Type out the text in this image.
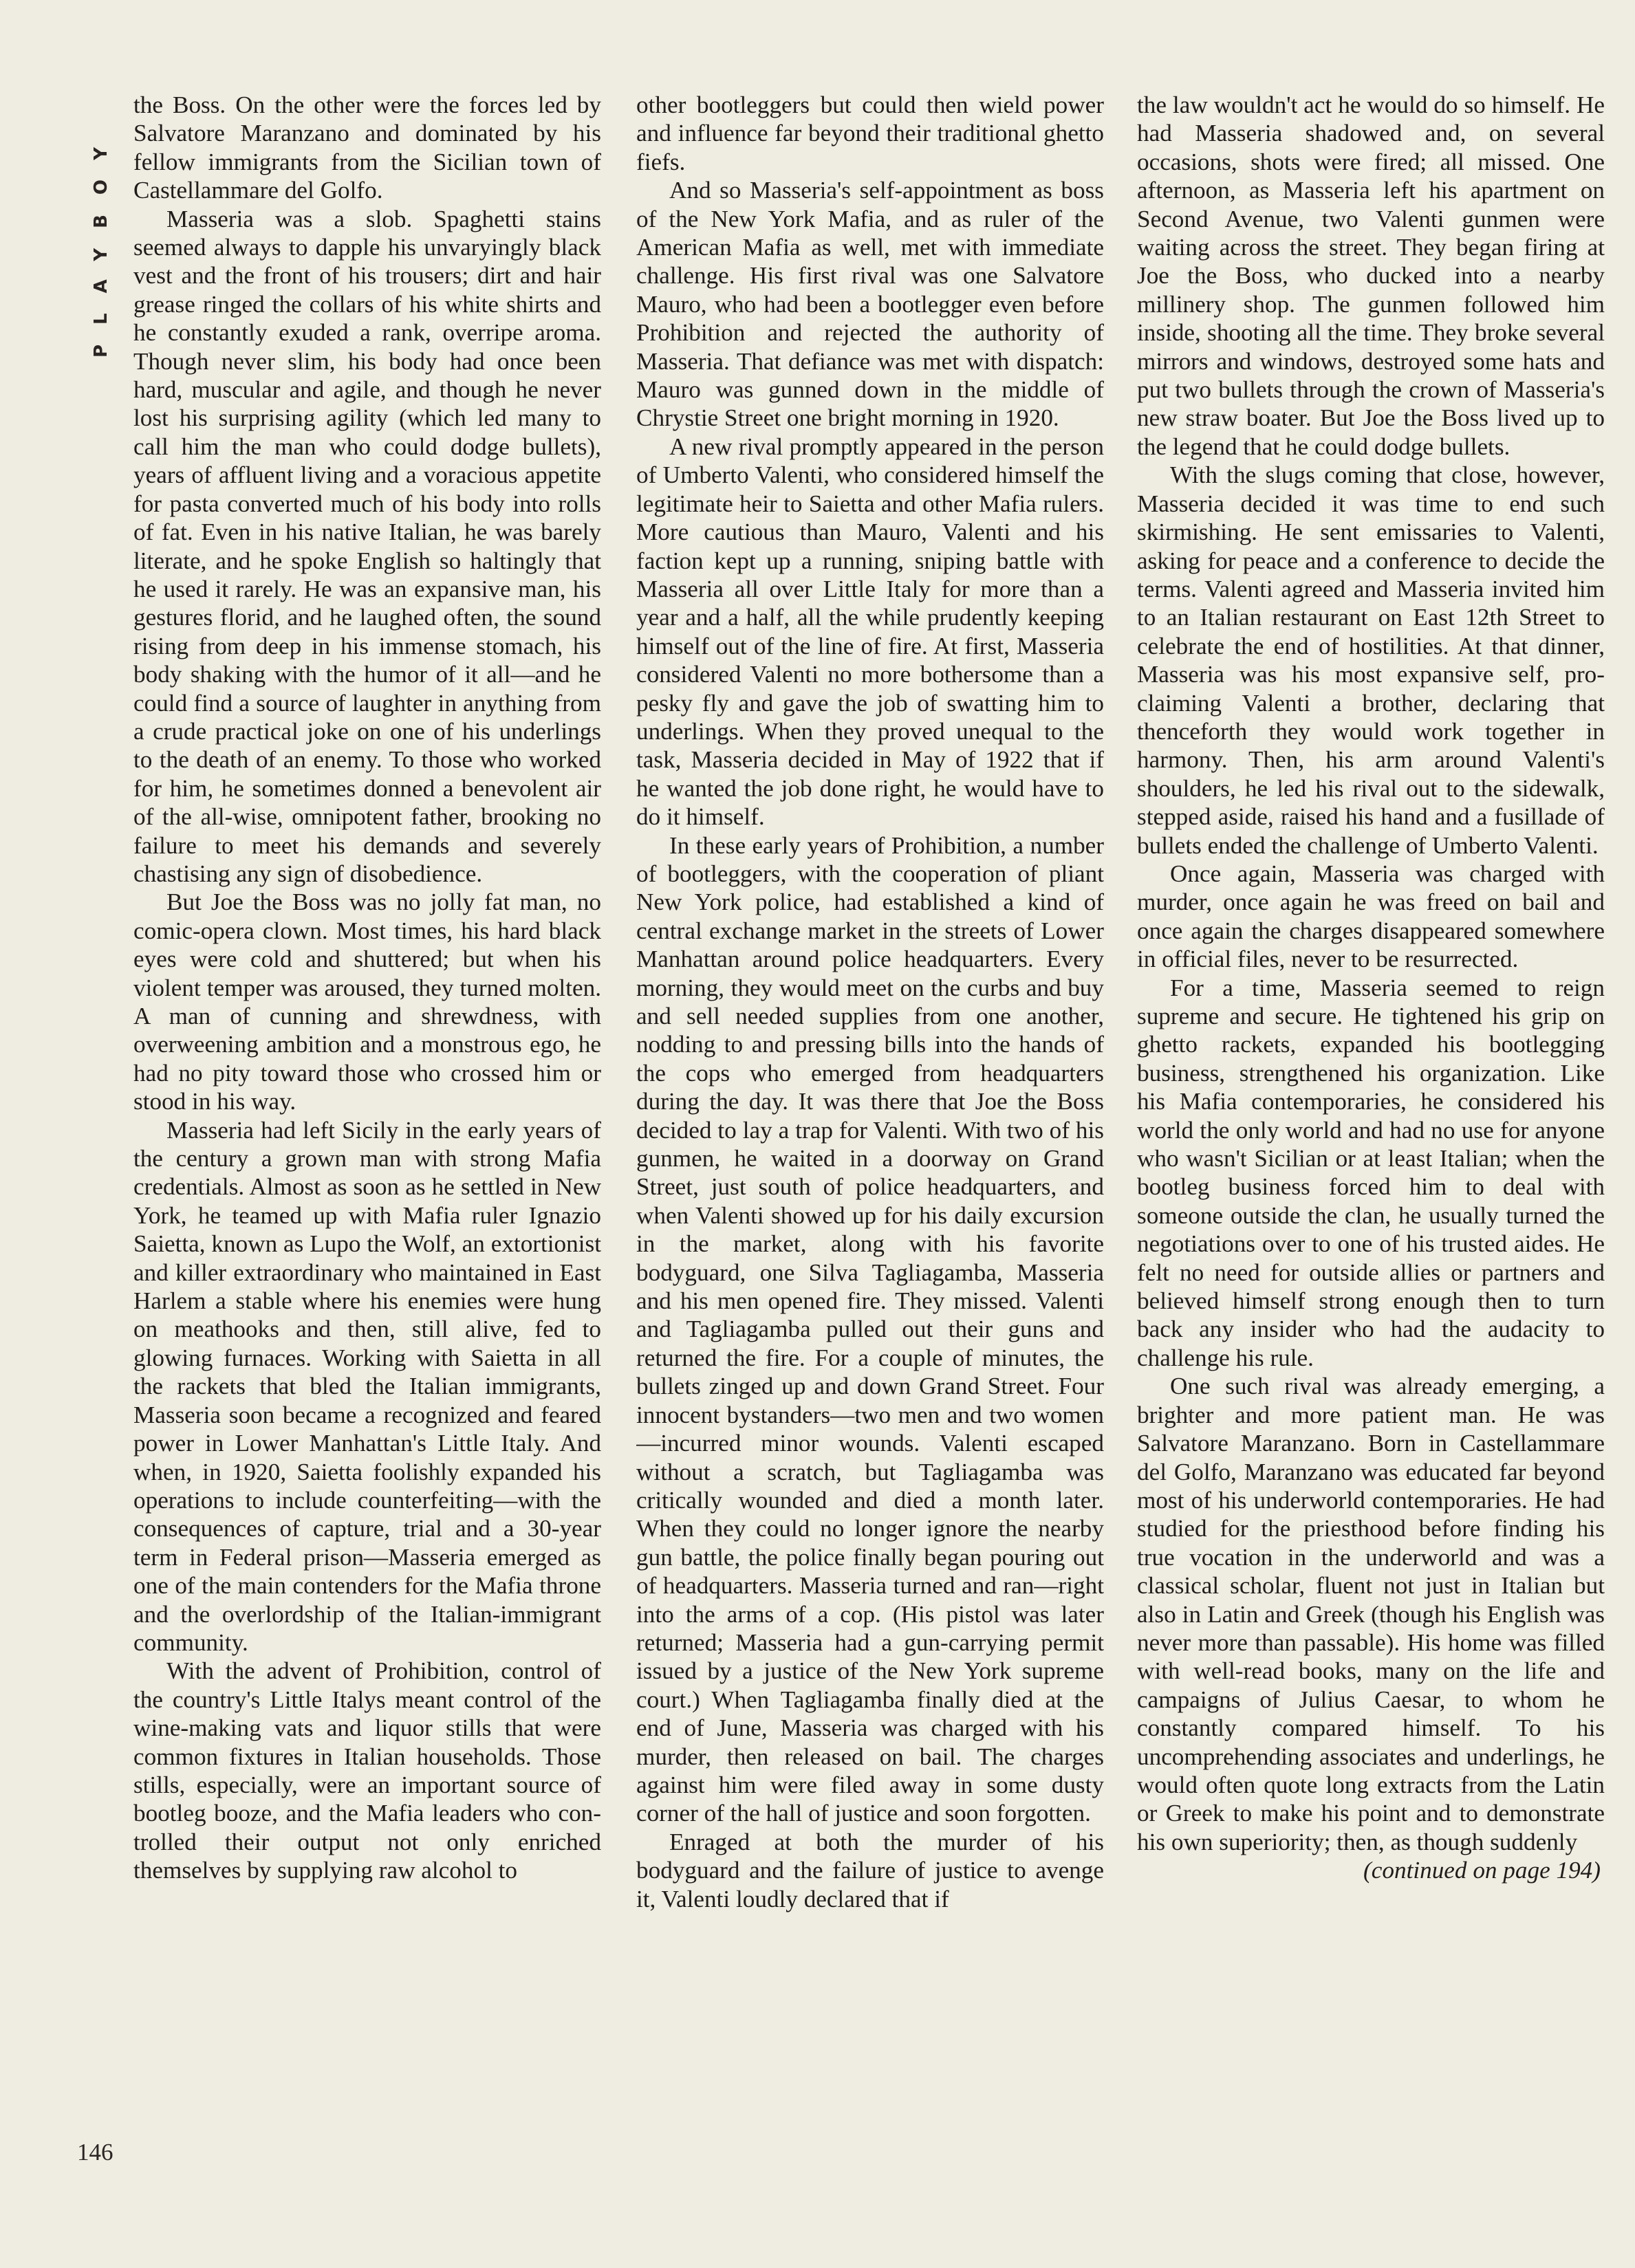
PLAYBOY

the Boss. On the other were the forces led by Salvatore Maranzano and dominated by his fellow immigrants from the Sicilian town of Castellammare del Golfo.

Masseria was a slob. Spaghetti stains seemed always to dapple his unvaryingly black vest and the front of his trousers; dirt and hair grease ringed the collars of his white shirts and he constantly exuded a rank, overripe aroma. Though never slim, his body had once been hard, muscular and agile, and though he never lost his surprising agility (which led many to call him the man who could dodge bullets), years of affluent living and a voracious appetite for pasta converted much of his body into rolls of fat. Even in his native Italian, he was barely literate, and he spoke English so haltingly that he used it rarely. He was an expansive man, his gestures florid, and he laughed often, the sound rising from deep in his immense stomach, his body shaking with the humor of it all—and he could find a source of laughter in anything from a crude practical joke on one of his underlings to the death of an enemy. To those who worked for him, he sometimes donned a benevolent air of the all-wise, omnipotent father, brooking no failure to meet his demands and severely chastising any sign of disobedience.

But Joe the Boss was no jolly fat man, no comic-opera clown. Most times, his hard black eyes were cold and shuttered; but when his violent temper was aroused, they turned molten. A man of cunning and shrewdness, with overweening ambition and a monstrous ego, he had no pity toward those who crossed him or stood in his way.

Masseria had left Sicily in the early years of the century a grown man with strong Mafia credentials. Almost as soon as he settled in New York, he teamed up with Mafia ruler Ignazio Saietta, known as Lupo the Wolf, an extortionist and killer extraordinary who maintained in East Harlem a stable where his enemies were hung on meathooks and then, still alive, fed to glowing furnaces. Working with Saietta in all the rackets that bled the Italian immigrants, Masseria soon became a recognized and feared power in Lower Manhattan's Little Italy. And when, in 1920, Saietta foolishly expanded his operations to include counterfeiting—with the consequences of capture, trial and a 30-year term in Federal prison—Masseria emerged as one of the main contenders for the Mafia throne and the overlordship of the Italian-immigrant community.

With the advent of Prohibition, control of the country's Little Italys meant control of the wine-making vats and liquor stills that were common fixtures in Italian households. Those stills, especially, were an important source of bootleg booze, and the Mafia leaders who controlled their output not only enriched themselves by supplying raw alcohol to

other bootleggers but could then wield power and influence far beyond their traditional ghetto fiefs.

And so Masseria's self-appointment as boss of the New York Mafia, and as ruler of the American Mafia as well, met with immediate challenge. His first rival was one Salvatore Mauro, who had been a bootlegger even before Prohibition and rejected the authority of Masseria. That defiance was met with dispatch: Mauro was gunned down in the middle of Chrystie Street one bright morning in 1920.

A new rival promptly appeared in the person of Umberto Valenti, who considered himself the legitimate heir to Saietta and other Mafia rulers. More cautious than Mauro, Valenti and his faction kept up a running, sniping battle with Masseria all over Little Italy for more than a year and a half, all the while prudently keeping himself out of the line of fire. At first, Masseria considered Valenti no more bothersome than a pesky fly and gave the job of swatting him to underlings. When they proved unequal to the task, Masseria decided in May of 1922 that if he wanted the job done right, he would have to do it himself.

In these early years of Prohibition, a number of bootleggers, with the cooperation of pliant New York police, had established a kind of central exchange market in the streets of Lower Manhattan around police headquarters. Every morning, they would meet on the curbs and buy and sell needed supplies from one another, nodding to and pressing bills into the hands of the cops who emerged from headquarters during the day. It was there that Joe the Boss decided to lay a trap for Valenti. With two of his gunmen, he waited in a doorway on Grand Street, just south of police headquarters, and when Valenti showed up for his daily excursion in the market, along with his favorite bodyguard, one Silva Tagliagamba, Masseria and his men opened fire. They missed. Valenti and Tagliagamba pulled out their guns and returned the fire. For a couple of minutes, the bullets zinged up and down Grand Street. Four innocent bystanders—two men and two women—incurred minor wounds. Valenti escaped without a scratch, but Tagliagamba was critically wounded and died a month later. When they could no longer ignore the nearby gun battle, the police finally began pouring out of headquarters. Masseria turned and ran—right into the arms of a cop. (His pistol was later returned; Masseria had a gun-carrying permit issued by a justice of the New York supreme court.) When Tagliagamba finally died at the end of June, Masseria was charged with his murder, then released on bail. The charges against him were filed away in some dusty corner of the hall of justice and soon forgotten.

Enraged at both the murder of his bodyguard and the failure of justice to avenge it, Valenti loudly declared that if

the law wouldn't act he would do so himself. He had Masseria shadowed and, on several occasions, shots were fired; all missed. One afternoon, as Masseria left his apartment on Second Avenue, two Valenti gunmen were waiting across the street. They began firing at Joe the Boss, who ducked into a nearby millinery shop. The gunmen followed him inside, shooting all the time. They broke several mirrors and windows, destroyed some hats and put two bullets through the crown of Masseria's new straw boater. But Joe the Boss lived up to the legend that he could dodge bullets.

With the slugs coming that close, however, Masseria decided it was time to end such skirmishing. He sent emissaries to Valenti, asking for peace and a conference to decide the terms. Valenti agreed and Masseria invited him to an Italian restaurant on East 12th Street to celebrate the end of hostilities. At that dinner, Masseria was his most expansive self, proclaiming Valenti a brother, declaring that thenceforth they would work together in harmony. Then, his arm around Valenti's shoulders, he led his rival out to the sidewalk, stepped aside, raised his hand and a fusillade of bullets ended the challenge of Umberto Valenti.

Once again, Masseria was charged with murder, once again he was freed on bail and once again the charges disappeared somewhere in official files, never to be resurrected.

For a time, Masseria seemed to reign supreme and secure. He tightened his grip on ghetto rackets, expanded his bootlegging business, strengthened his organization. Like his Mafia contemporaries, he considered his world the only world and had no use for anyone who wasn't Sicilian or at least Italian; when the bootleg business forced him to deal with someone outside the clan, he usually turned the negotiations over to one of his trusted aides. He felt no need for outside allies or partners and believed himself strong enough then to turn back any insider who had the audacity to challenge his rule.

One such rival was already emerging, a brighter and more patient man. He was Salvatore Maranzano. Born in Castellammare del Golfo, Maranzano was educated far beyond most of his underworld contemporaries. He had studied for the priesthood before finding his true vocation in the underworld and was a classical scholar, fluent not just in Italian but also in Latin and Greek (though his English was never more than passable). His home was filled with well-read books, many on the life and campaigns of Julius Caesar, to whom he constantly compared himself. To his uncomprehending associates and underlings, he would often quote long extracts from the Latin or Greek to make his point and to demonstrate his own superiority; then, as though suddenly

(continued on page 194)

146
